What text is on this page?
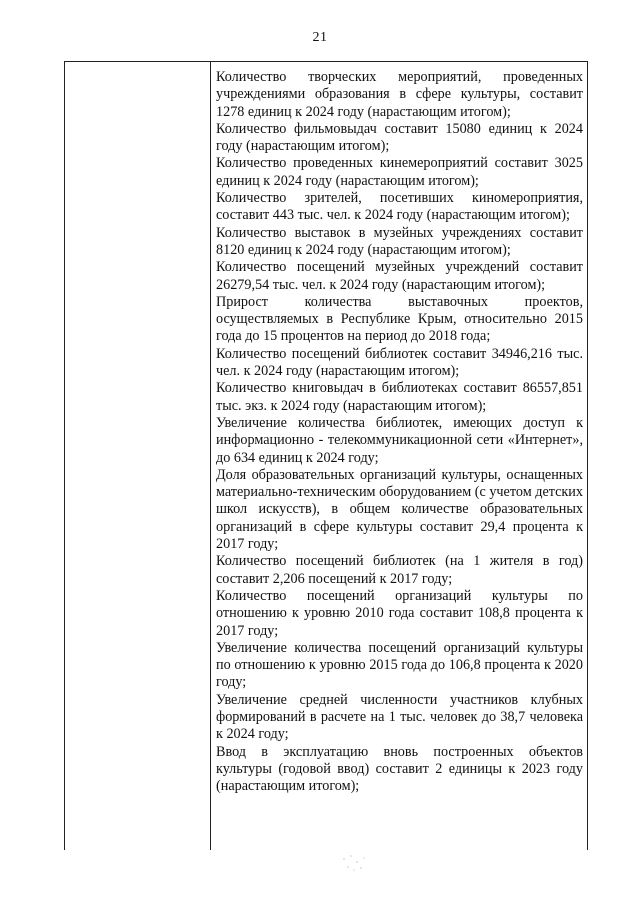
21

Количество творческих мероприятий, проведенных учреждениями образования в сфере культуры, составит 1278 единиц к 2024 году (нарастающим итогом);

Количество фильмовыдач составит 15080 единиц к 2024 году (нарастающим итогом);

Количество проведенных кинемероприятий составит 3025 единиц к 2024 году (нарастающим итогом);

Количество зрителей, посетивших киномероприятия, составит 443 тыс. чел. к 2024 году (нарастающим итогом);

Количество выставок в музейных учреждениях составит 8120 единиц к 2024 году (нарастающим итогом);

Количество посещений музейных учреждений составит 26279,54 тыс. чел. к 2024 году (нарастающим итогом);

Прирост количества выставочных проектов, осуществляемых в Республике Крым, относительно 2015 года до 15 процентов на период до 2018 года;

Количество посещений библиотек составит 34946,216 тыс. чел. к 2024 году (нарастающим итогом);

Количество книговыдач в библиотеках составит 86557,851 тыс. экз. к 2024 году (нарастающим итогом);

Увеличение количества библиотек, имеющих доступ к информационно - телекоммуникационной сети «Интернет», до 634 единиц к 2024 году;

Доля образовательных организаций культуры, оснащенных материально-техническим оборудованием (с учетом детских школ искусств), в общем количестве образовательных организаций в сфере культуры составит 29,4 процента к 2017 году;

Количество посещений библиотек (на 1 жителя в год) составит 2,206 посещений к 2017 году;

Количество посещений организаций культуры по отношению к уровню 2010 года составит 108,8 процента к 2017 году;

Увеличение количества посещений организаций культуры по отношению к уровню 2015 года до 106,8 процента к 2020 году;

Увеличение средней численности участников клубных формирований в расчете на 1 тыс. человек до 38,7 человека к 2024 году;

Ввод в эксплуатацию вновь построенных объектов культуры (годовой ввод) составит 2 единицы к 2023 году (нарастающим итогом);
